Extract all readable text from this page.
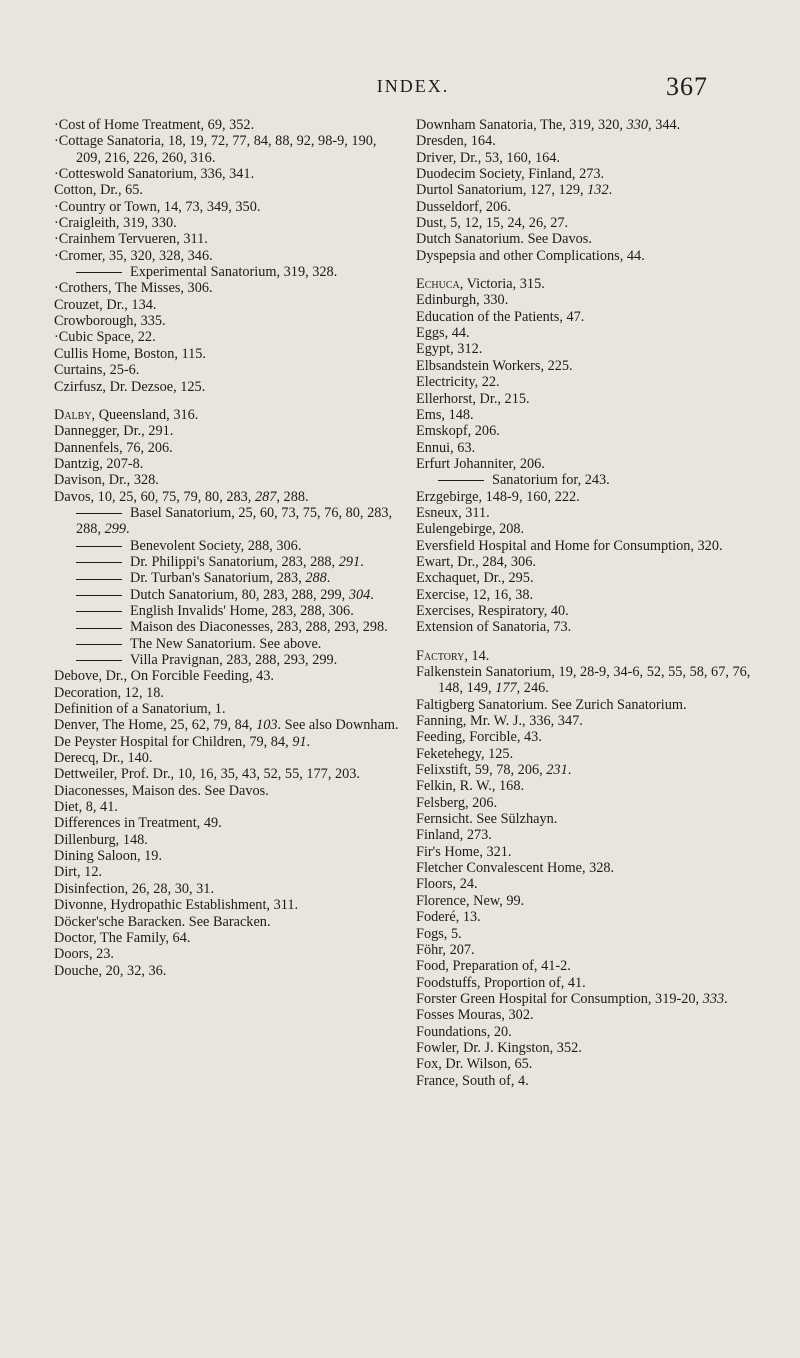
INDEX.	367
·Cost of Home Treatment, 69, 352.
·Cottage Sanatoria, 18, 19, 72, 77, 84, 88, 92, 98-9, 190, 209, 216, 226, 260, 316.
·Cotteswold Sanatorium, 336, 341.
Cotton, Dr., 65.
·Country or Town, 14, 73, 349, 350.
·Craigleith, 319, 330.
·Crainhem Tervueren, 311.
·Cromer, 35, 320, 328, 346.
Experimental Sanatorium, 319, 328.
·Crothers, The Misses, 306.
Crouzet, Dr., 134.
Crowborough, 335.
·Cubic Space, 22.
Cullis Home, Boston, 115.
Curtains, 25-6.
Czirfusz, Dr. Dezsoe, 125.
Dalby, Queensland, 316.
Dannegger, Dr., 291.
Dannenfels, 76, 206.
Dantzig, 207-8.
Davison, Dr., 328.
Davos, 10, 25, 60, 75, 79, 80, 283, 287, 288.
Basel Sanatorium, 25, 60, 73, 75, 76, 80, 283, 288, 299.
Benevolent Society, 288, 306.
Dr. Philippi's Sanatorium, 283, 288, 291.
Dr. Turban's Sanatorium, 283, 288.
Dutch Sanatorium, 80, 283, 288, 299, 304.
English Invalids' Home, 283, 288, 306.
Maison des Diaconesses, 283, 288, 293, 298.
The New Sanatorium. See above.
Villa Pravignan, 283, 288, 293, 299.
Debove, Dr., On Forcible Feeding, 43.
Decoration, 12, 18.
Definition of a Sanatorium, 1.
Denver, The Home, 25, 62, 79, 84, 103. See also Downham.
De Peyster Hospital for Children, 79, 84, 91.
Derecq, Dr., 140.
Dettweiler, Prof. Dr., 10, 16, 35, 43, 52, 55, 177, 203.
Diaconesses, Maison des. See Davos.
Diet, 8, 41.
Differences in Treatment, 49.
Dillenburg, 148.
Dining Saloon, 19.
Dirt, 12.
Disinfection, 26, 28, 30, 31.
Divonne, Hydropathic Establishment, 311.
Döcker'sche Baracken. See Baracken.
Doctor, The Family, 64.
Doors, 23.
Douche, 20, 32, 36.
Downham Sanatoria, The, 319, 320, 330, 344.
Dresden, 164.
Driver, Dr., 53, 160, 164.
Duodecim Society, Finland, 273.
Durtol Sanatorium, 127, 129, 132.
Dusseldorf, 206.
Dust, 5, 12, 15, 24, 26, 27.
Dutch Sanatorium. See Davos.
Dyspepsia and other Complications, 44.
Echuca, Victoria, 315.
Edinburgh, 330.
Education of the Patients, 47.
Eggs, 44.
Egypt, 312.
Elbsandstein Workers, 225.
Electricity, 22.
Ellerhorst, Dr., 215.
Ems, 148.
Emskopf, 206.
Ennui, 63.
Erfurt Johanniter, 206.
Sanatorium for, 243.
Erzgebirge, 148-9, 160, 222.
Esneux, 311.
Eulengebirge, 208.
Eversfield Hospital and Home for Consumption, 320.
Ewart, Dr., 284, 306.
Exchaquet, Dr., 295.
Exercise, 12, 16, 38.
Exercises, Respiratory, 40.
Extension of Sanatoria, 73.
Factory, 14.
Falkenstein Sanatorium, 19, 28-9, 34-6, 52, 55, 58, 67, 76, 148, 149, 177, 246.
Faltigberg Sanatorium. See Zurich Sanatorium.
Fanning, Mr. W. J., 336, 347.
Feeding, Forcible, 43.
Feketehegy, 125.
Felixstift, 59, 78, 206, 231.
Felkin, R. W., 168.
Felsberg, 206.
Fernsicht. See Sülzhayn.
Finland, 273.
Fir's Home, 321.
Fletcher Convalescent Home, 328.
Floors, 24.
Florence, New, 99.
Foderé, 13.
Fogs, 5.
Föhr, 207.
Food, Preparation of, 41-2.
Foodstuffs, Proportion of, 41.
Forster Green Hospital for Consumption, 319-20, 333.
Fosses Mouras, 302.
Foundations, 20.
Fowler, Dr. J. Kingston, 352.
Fox, Dr. Wilson, 65.
France, South of, 4.
